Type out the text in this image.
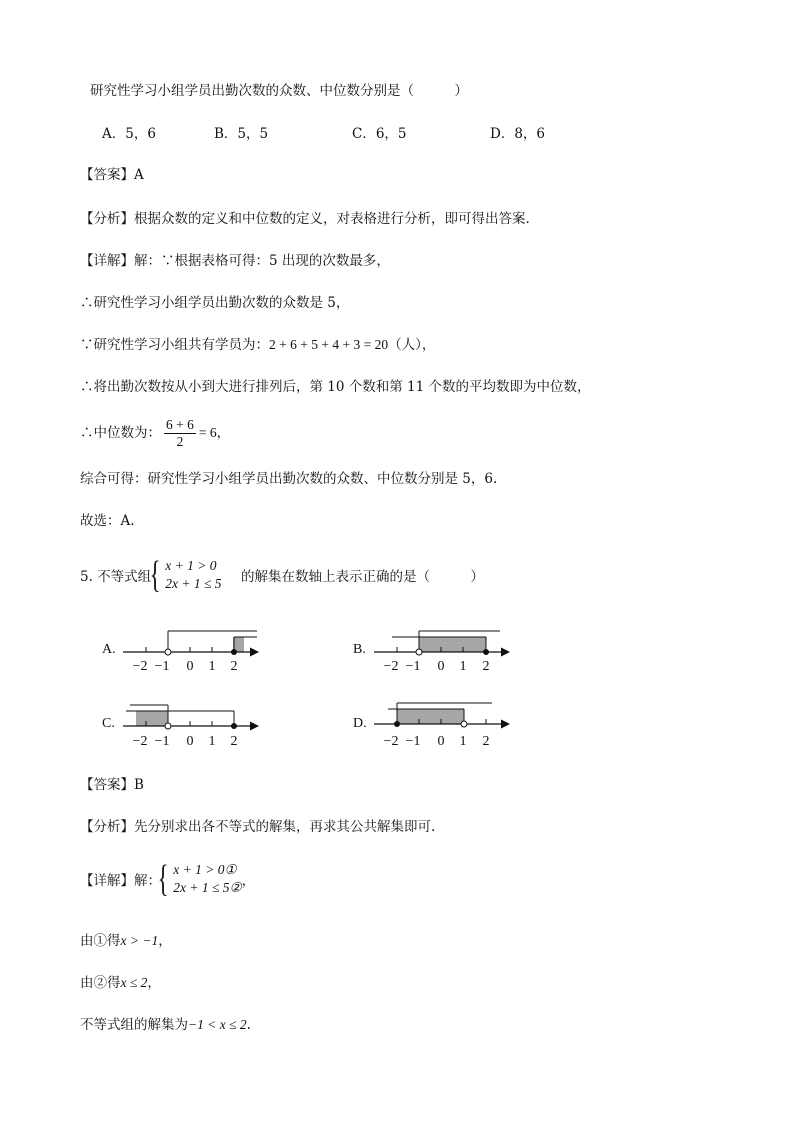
研究性学习小组学员出勤次数的众数、中位数分别是（　　　）
A．5，6	B．5，5	C．6，5	D．8，6
【答案】A
【分析】根据众数的定义和中位数的定义，对表格进行分析，即可得出答案.
【详解】解：∵根据表格可得：5 出现的次数最多，
∴研究性学习小组学员出勤次数的众数是 5，
∵研究性学习小组共有学员为：2 + 6 + 5 + 4 + 3 = 20（人），
∴将出勤次数按从小到大进行排列后，第 10 个数和第 11 个数的平均数即为中位数，
∴中位数为： $\frac{6 + 6}{2} = 6$，
综合可得：研究性学习小组学员出勤次数的众数、中位数分别是 5，6.
故选：A.
5. 不等式组
{ x + 1 > 0
2x + 1 ≤ 5 的解集在数轴上表示正确的是（　　　）
A.	B.
C.	D.
−2 −1 0 1 2	−2 −1 0 1 2
−2 −1 0 1 2	−2 −1 0 1 2
【答案】B
【分析】先分别求出各不等式的解集，再求其公共解集即可.
【详解】解：
{ x + 1 > 0①
2x + 1 ≤ 5② ，
由①得x > −1，
由②得x ≤ 2，
不等式组的解集为−1 < x ≤ 2.
